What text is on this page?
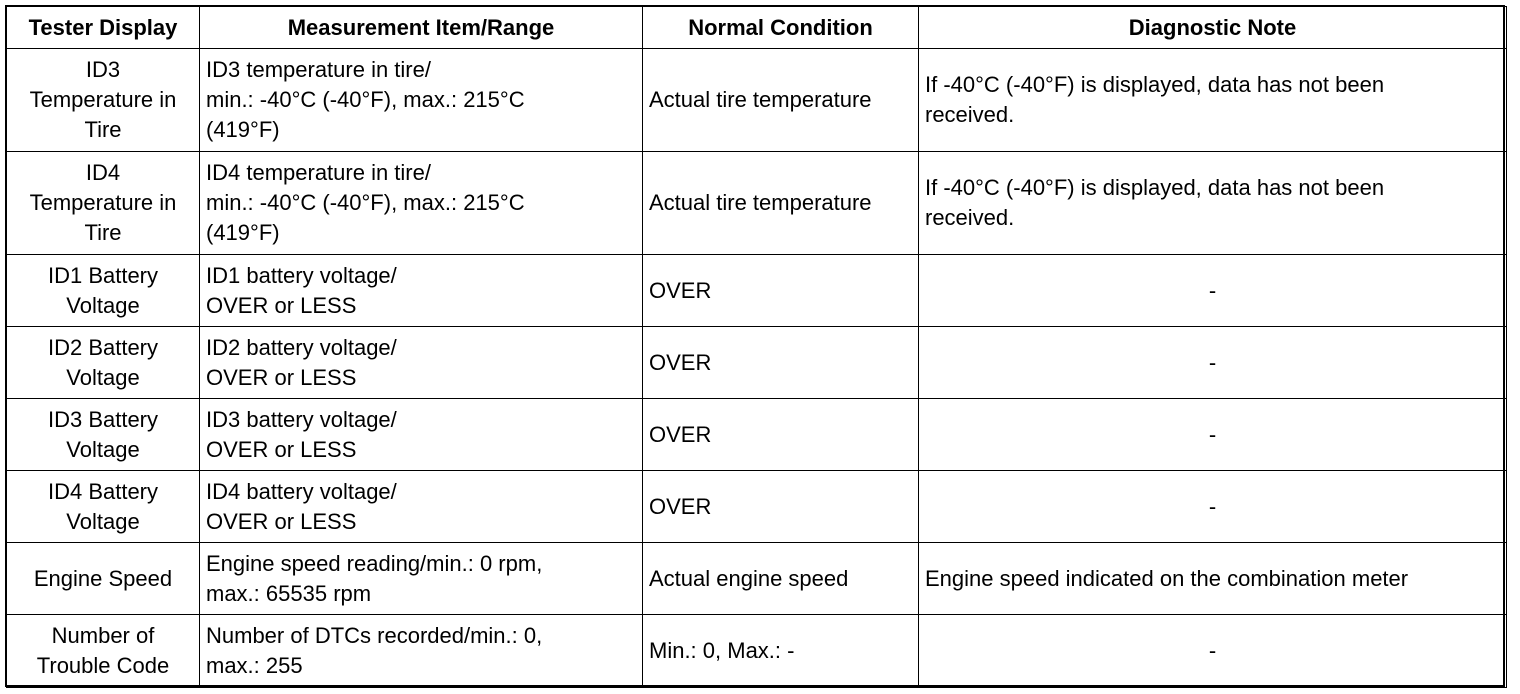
Tester Display	Measurement Item/Range	Normal Condition	Diagnostic Note

ID3
Temperature in
Tire	ID3 temperature in tire/
min.: -40°C (-40°F), max.: 215°C
(419°F)	Actual tire temperature	If -40°C (-40°F) is displayed, data has not been
received.

ID4
Temperature in
Tire	ID4 temperature in tire/
min.: -40°C (-40°F), max.: 215°C
(419°F)	Actual tire temperature	If -40°C (-40°F) is displayed, data has not been
received.

ID1 Battery
Voltage	ID1 battery voltage/
OVER or LESS	OVER	-

ID2 Battery
Voltage	ID2 battery voltage/
OVER or LESS	OVER	-

ID3 Battery
Voltage	ID3 battery voltage/
OVER or LESS	OVER	-

ID4 Battery
Voltage	ID4 battery voltage/
OVER or LESS	OVER	-

Engine Speed	Engine speed reading/min.: 0 rpm,
max.: 65535 rpm	Actual engine speed	Engine speed indicated on the combination meter

Number of
Trouble Code	Number of DTCs recorded/min.: 0,
max.: 255	Min.: 0, Max.: -	-
